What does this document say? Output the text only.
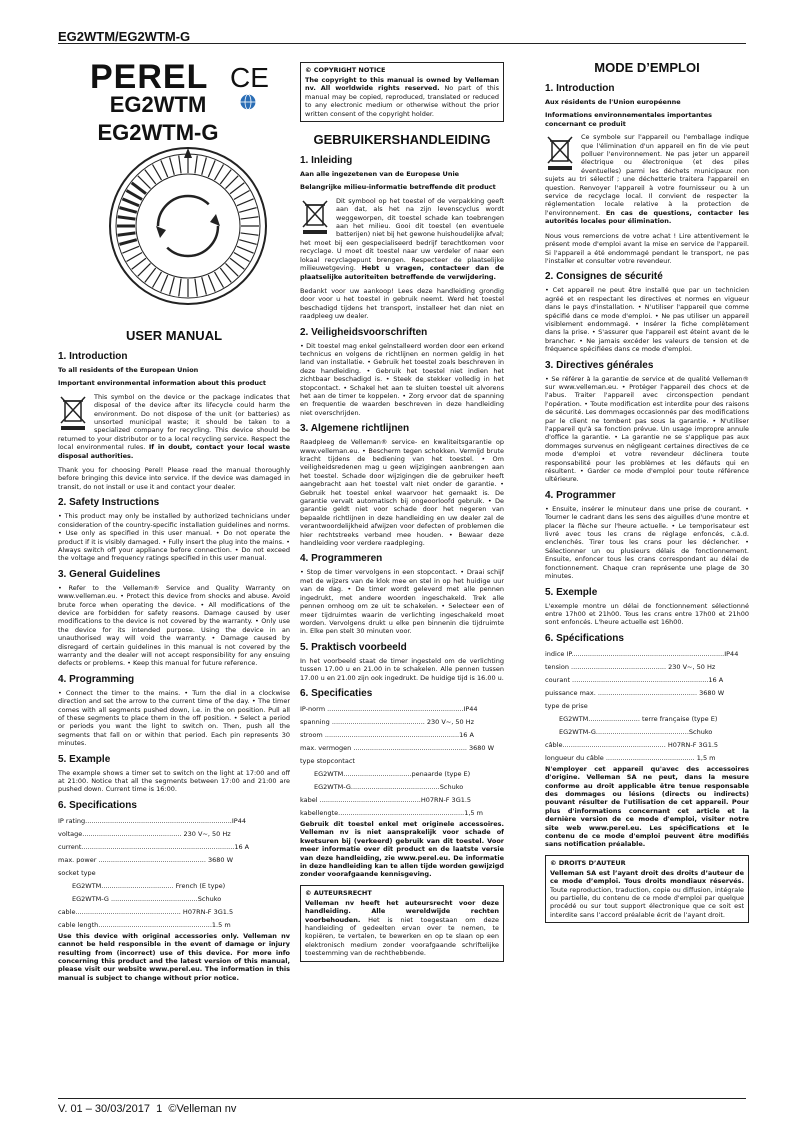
EG2WTM/EG2WTM-G
PEREL CE
EG2WTM
EG2WTM-G
USER MANUAL
1. Introduction
To all residents of the European Union
Important environmental information about this product
This symbol on the device or the package indicates that disposal of the device after its lifecycle could harm the environment. Do not dispose of the unit (or batteries) as unsorted municipal waste; it should be taken to a specialized company for recycling. This device should be returned to your distributor or to a local recycling service. Respect the local environmental rules. If in doubt, contact your local waste disposal authorities.
Thank you for choosing Perel! Please read the manual thoroughly before bringing this device into service. If the device was damaged in transit, do not install or use it and contact your dealer.
2. Safety Instructions
• This product may only be installed by authorized technicians under consideration of the country-specific installation guidelines and norms. • Use only as specified in this user manual. • Do not operate the product if it is visibly damaged. • Fully insert the plug into the mains. • Always switch off your appliance before connection. • Do not exceed the voltage and frequency ratings specified in this user manual.
3. General Guidelines
• Refer to the Velleman® Service and Quality Warranty on www.velleman.eu. • Protect this device from shocks and abuse. Avoid brute force when operating the device. • All modifications of the device are forbidden for safety reasons. Damage caused by user modifications to the device is not covered by the warranty. • Only use the device for its intended purpose. Using the device in an unauthorised way will void the warranty. • Damage caused by disregard of certain guidelines in this manual is not covered by the warranty and the dealer will not accept responsibility for any ensuing defects or problems. • Keep this manual for future reference.
4. Programming
• Connect the timer to the mains. • Turn the dial in a clockwise direction and set the arrow to the current time of the day. • The timer comes with all segments pushed down, i.e. in the on position. Pull all of these segments to place them in the off position. • Select a period or periods you want the light to switch on. Then, push all the segments that fall on or within that period. Each pin represents 30 minutes.
5. Example
The example shows a timer set to switch on the light at 17:00 and off at 21:00. Notice that all the segments between 17:00 and 21:00 are pushed down. Current time is 16:00.
6. Specifications
IP rating.......................................................................IP44
voltage................................................ 230 V~, 50 Hz
current..........................................................................16 A
max. power .................................................... 3680 W
socket type
EG2WTM................................... French (E type)
EG2WTM-G ..........................................Schuko
cable................................................... H07RN-F 3G1.5
cable length.......................................................1.5 m
Use this device with original accessories only. Velleman nv cannot be held responsible in the event of damage or injury resulting from (incorrect) use of this device. For more info concerning this product and the latest version of this manual, please visit our website www.perel.eu. The information in this manual is subject to change without prior notice.
© COPYRIGHT NOTICE
The copyright to this manual is owned by Velleman nv. All worldwide rights reserved. No part of this manual may be copied, reproduced, translated or reduced to any electronic medium or otherwise without the prior written consent of the copyright holder.
GEBRUIKERSHANDLEIDING
1. Inleiding
Aan alle ingezetenen van de Europese Unie
Belangrijke milieu-informatie betreffende dit product
Dit symbool op het toestel of de verpakking geeft aan dat, als het na zijn levenscyclus wordt weggeworpen, dit toestel schade kan toebrengen aan het milieu. Gooi dit toestel (en eventuele batterijen) niet bij het gewone huishoudelijke afval; het moet bij een gespecialiseerd bedrijf terechtkomen voor recyclage. U moet dit toestel naar uw verdeler of naar een lokaal recyclagepunt brengen. Respecteer de plaatselijke milieuwetgeving. Hebt u vragen, contacteer dan de plaatselijke autoriteiten betreffende de verwijdering.
Bedankt voor uw aankoop! Lees deze handleiding grondig door voor u het toestel in gebruik neemt. Werd het toestel beschadigd tijdens het transport, installeer het dan niet en raadpleeg uw dealer.
2. Veiligheidsvoorschriften
• Dit toestel mag enkel geïnstalleerd worden door een erkend technicus en volgens de richtlijnen en normen geldig in het land van installatie. • Gebruik het toestel zoals beschreven in deze handleiding. • Gebruik het toestel niet indien het zichtbaar beschadigd is. • Steek de stekker volledig in het stopcontact. • Schakel het aan te sluiten toestel uit alvorens het aan de timer te koppelen. • Zorg ervoor dat de spanning en frequentie de waarden beschreven in deze handleiding niet overschrijden.
3. Algemene richtlijnen
Raadpleeg de Velleman® service- en kwaliteitsgarantie op www.velleman.eu. • Bescherm tegen schokken. Vermijd brute kracht tijdens de bediening van het toestel. • Om veiligheidsredenen mag u geen wijzigingen aanbrengen aan het toestel. Schade door wijzigingen die de gebruiker heeft aangebracht aan het toestel valt niet onder de garantie. • Gebruik het toestel enkel waarvoor het gemaakt is. De garantie vervalt automatisch bij ongeoorloofd gebruik. • De garantie geldt niet voor schade door het negeren van bepaalde richtlijnen in deze handleiding en uw dealer zal de verantwoordelijkheid afwijzen voor defecten of problemen die hier rechtstreeks verband mee houden. • Bewaar deze handleiding voor verdere raadpleging.
4. Programmeren
• Stop de timer vervolgens in een stopcontact. • Draai schijf met de wijzers van de klok mee en stel in op het huidige uur van de dag. • De timer wordt geleverd met alle pennen ingedrukt, met andere woorden ingeschakeld. Trek alle pennen omhoog om ze uit te schakelen. • Selecteer een of meer tijdruimtes waarin de verlichting ingeschakeld moet worden. Vervolgens drukt u elke pen binnenin die tijdruimte in. Elke pen stelt 30 minuten voor.
5. Praktisch voorbeeld
In het voorbeeld staat de timer ingesteld om de verlichting tussen 17.00 u en 21.00 in te schakelen. Alle pennen tussen 17.00 u en 21.00 zijn ook ingedrukt. De huidige tijd is 16.00 u.
6. Specificaties
IP-norm ..................................................................IP44
spanning ............................................. 230 V~, 50 Hz
stroom .................................................................16 A
max. vermogen ....................................................... 3680 W
type stopcontact
EG2WTM.................................penaarde (type E)
EG2WTM-G...........................................Schuko
kabel .................................................H07RN-F 3G1.5
kabellengte.............................................................1,5 m
Gebruik dit toestel enkel met originele accessoires. Velleman nv is niet aansprakelijk voor schade of kwetsuren bij (verkeerd) gebruik van dit toestel. Voor meer informatie over dit product en de laatste versie van deze handleiding, zie www.perel.eu. De informatie in deze handleiding kan te allen tijde worden gewijzigd zonder voorafgaande kennisgeving.
© AUTEURSRECHT
Velleman nv heeft het auteursrecht voor deze handleiding. Alle wereldwijde rechten voorbehouden. Het is niet toegestaan om deze handleiding of gedeelten ervan over te nemen, te kopiëren, te vertalen, te bewerken en op te slaan op een elektronisch medium zonder voorafgaande schriftelijke toestemming van de rechthebbende.
MODE D’EMPLOI
1. Introduction
Aux résidents de l'Union européenne
Informations environnementales importantes concernant ce produit
Ce symbole sur l'appareil ou l'emballage indique que l'élimination d'un appareil en fin de vie peut polluer l'environnement. Ne pas jeter un appareil électrique ou électronique (et des piles éventuelles) parmi les déchets municipaux non sujets au tri sélectif ; une déchetterie traitera l'appareil en question. Renvoyer l'appareil à votre fournisseur ou à un service de recyclage local. Il convient de respecter la réglementation locale relative à la protection de l'environnement. En cas de questions, contacter les autorités locales pour élimination.
Nous vous remercions de votre achat ! Lire attentivement le présent mode d'emploi avant la mise en service de l'appareil. Si l'appareil a été endommagé pendant le transport, ne pas l'installer et consulter votre revendeur.
2. Consignes de sécurité
• Cet appareil ne peut être installé que par un technicien agréé et en respectant les directives et normes en vigueur dans le pays d'installation. • N'utiliser l'appareil que comme spécifié dans ce mode d'emploi. • Ne pas utiliser un appareil visiblement endommagé. • Insérer la fiche complètement dans la prise. • S'assurer que l'appareil est éteint avant de le brancher. • Ne jamais excéder les valeurs de tension et de fréquence spécifiées dans ce mode d'emploi.
3. Directives générales
• Se référer à la garantie de service et de qualité Velleman® sur www.velleman.eu. • Protéger l'appareil des chocs et de l'abus. Traiter l'appareil avec circonspection pendant l'opération. • Toute modification est interdite pour des raisons de sécurité. Les dommages occasionnés par des modifications par le client ne tombent pas sous la garantie. • N'utiliser l'appareil qu'à sa fonction prévue. Un usage impropre annule d'office la garantie. • La garantie ne se s'applique pas aux dommages survenus en négligeant certaines directives de ce mode d'emploi et votre revendeur déclinera toute responsabilité pour les problèmes et les défauts qui en résultent. • Garder ce mode d'emploi pour toute référence ultérieure.
4. Programmer
• Ensuite, insérer le minuteur dans une prise de courant. • Tourner le cadrant dans les sens des aiguilles d'une montre et placer la flèche sur l'heure actuelle. • Le temporisateur est livré avec tous les crans de réglage enfoncés, c.à.d. enclenchés. Tirer tous les crans pour les déclencher. • Sélectionner un ou plusieurs délais de fonctionnement. Ensuite, enfoncer tous les crans correspondant au délai de fonctionnement. Chaque cran représente une plage de 30 minutes.
5. Exemple
L'exemple montre un délai de fonctionnement sélectionné entre 17h00 et 21h00. Tous les crans entre 17h00 et 21h00 sont enfoncés. L'heure actuelle est 16h00.
6. Spécifications
indice IP..........................................................................IP44
tension .............................................. 230 V~, 50 Hz
courant ..................................................................16 A
puissance max. ................................................ 3680 W
type de prise
EG2WTM......................... terre française (type E)
EG2WTM-G.............................................Schuko
câble.................................................. H07RN-F 3G1.5
longueur du câble ........................................... 1,5 m
N'employer cet appareil qu'avec des accessoires d'origine. Velleman SA ne peut, dans la mesure conforme au droit applicable être tenue responsable des dommages ou lésions (directs ou indirects) pouvant résulter de l'utilisation de cet appareil. Pour plus d'informations concernant cet article et la dernière version de ce mode d'emploi, visiter notre site web www.perel.eu. Les spécifications et le contenu de ce mode d'emploi peuvent être modifiés sans notification préalable.
© DROITS D’AUTEUR
Velleman SA est l’ayant droit des droits d’auteur de ce mode d’emploi. Tous droits mondiaux réservés. Toute reproduction, traduction, copie ou diffusion, intégrale ou partielle, du contenu de ce mode d'emploi par quelque procédé ou sur tout support électronique que ce soit est interdite sans l’accord préalable écrit de l’ayant droit.
V. 01 – 30/03/2017 1 ©Velleman nv
